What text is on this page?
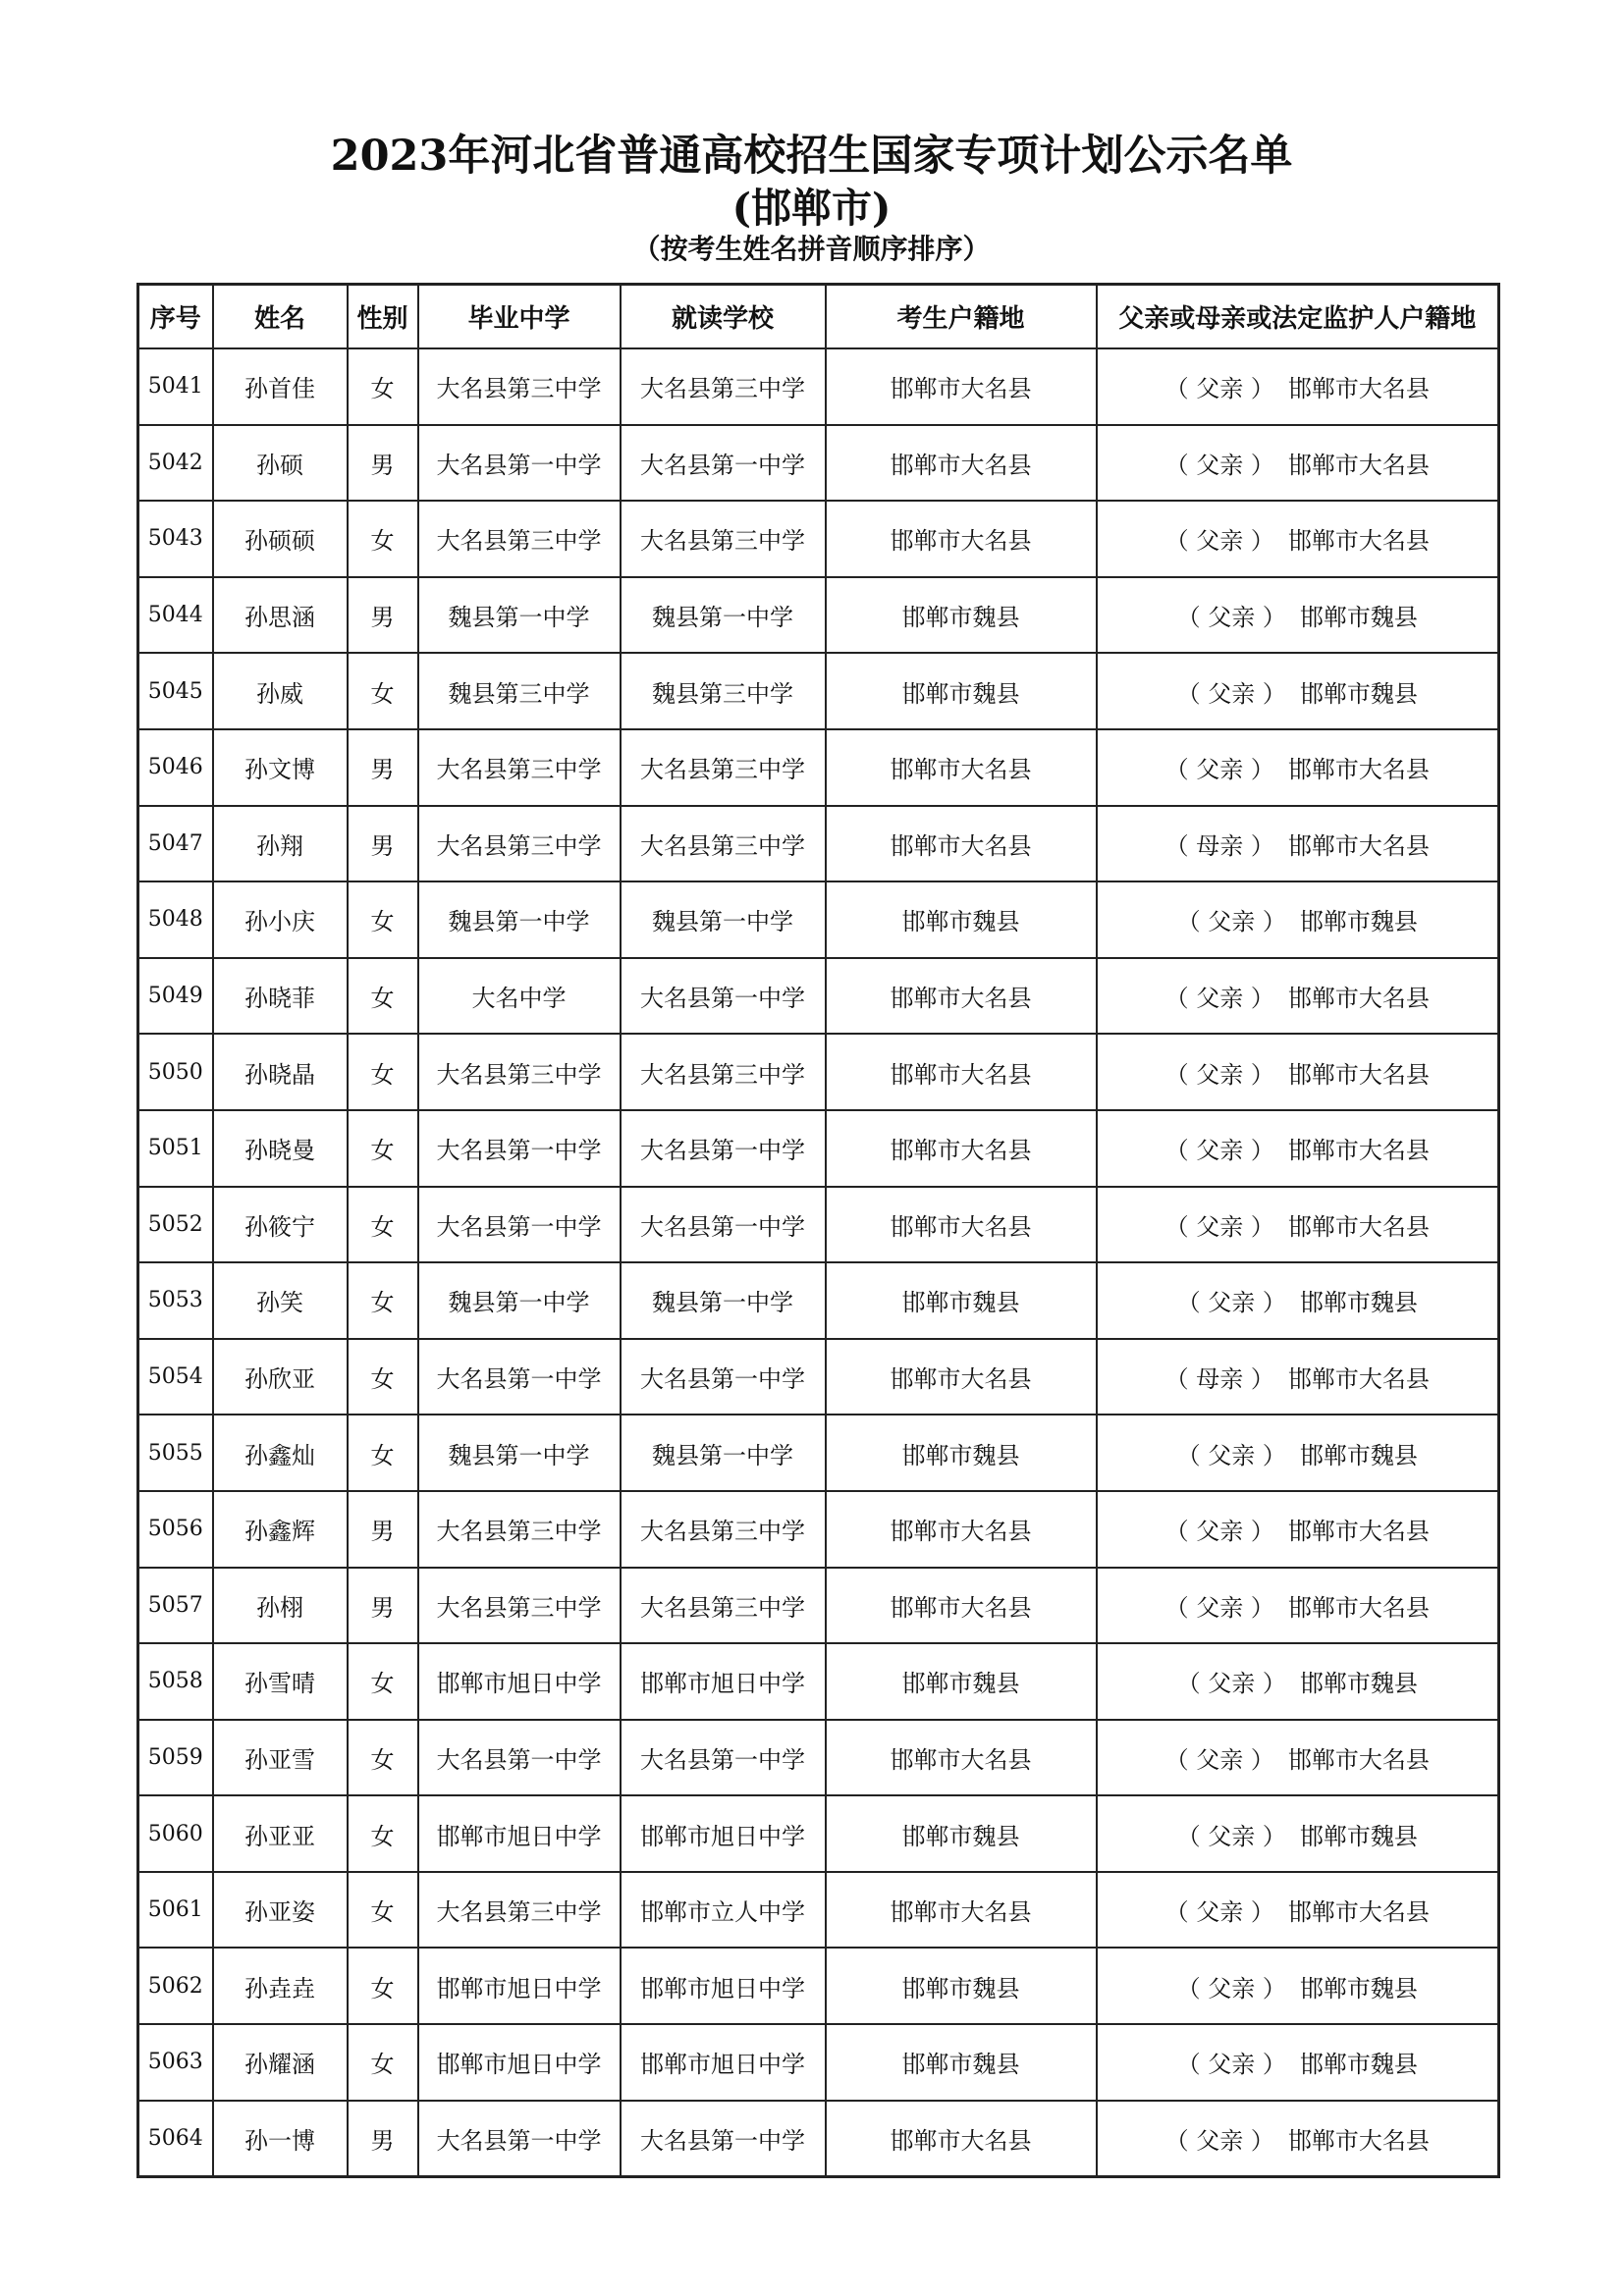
2023年河北省普通高校招生国家专项计划公示名单
(邯郸市)
（按考生姓名拼音顺序排序）
序号	姓名	性别	毕业中学	就读学校	考生户籍地	父亲或母亲或法定监护人户籍地
5041	孙首佳	女	大名县第三中学	大名县第三中学	邯郸市大名县	（ 父亲 ） 邯郸市大名县
5042	孙硕	男	大名县第一中学	大名县第一中学	邯郸市大名县	（ 父亲 ） 邯郸市大名县
5043	孙硕硕	女	大名县第三中学	大名县第三中学	邯郸市大名县	（ 父亲 ） 邯郸市大名县
5044	孙思涵	男	魏县第一中学	魏县第一中学	邯郸市魏县	（ 父亲 ） 邯郸市魏县
5045	孙威	女	魏县第三中学	魏县第三中学	邯郸市魏县	（ 父亲 ） 邯郸市魏县
5046	孙文博	男	大名县第三中学	大名县第三中学	邯郸市大名县	（ 父亲 ） 邯郸市大名县
5047	孙翔	男	大名县第三中学	大名县第三中学	邯郸市大名县	（ 母亲 ） 邯郸市大名县
5048	孙小庆	女	魏县第一中学	魏县第一中学	邯郸市魏县	（ 父亲 ） 邯郸市魏县
5049	孙晓菲	女	大名中学	大名县第一中学	邯郸市大名县	（ 父亲 ） 邯郸市大名县
5050	孙晓晶	女	大名县第三中学	大名县第三中学	邯郸市大名县	（ 父亲 ） 邯郸市大名县
5051	孙晓曼	女	大名县第一中学	大名县第一中学	邯郸市大名县	（ 父亲 ） 邯郸市大名县
5052	孙筱宁	女	大名县第一中学	大名县第一中学	邯郸市大名县	（ 父亲 ） 邯郸市大名县
5053	孙笑	女	魏县第一中学	魏县第一中学	邯郸市魏县	（ 父亲 ） 邯郸市魏县
5054	孙欣亚	女	大名县第一中学	大名县第一中学	邯郸市大名县	（ 母亲 ） 邯郸市大名县
5055	孙鑫灿	女	魏县第一中学	魏县第一中学	邯郸市魏县	（ 父亲 ） 邯郸市魏县
5056	孙鑫辉	男	大名县第三中学	大名县第三中学	邯郸市大名县	（ 父亲 ） 邯郸市大名县
5057	孙栩	男	大名县第三中学	大名县第三中学	邯郸市大名县	（ 父亲 ） 邯郸市大名县
5058	孙雪晴	女	邯郸市旭日中学	邯郸市旭日中学	邯郸市魏县	（ 父亲 ） 邯郸市魏县
5059	孙亚雪	女	大名县第一中学	大名县第一中学	邯郸市大名县	（ 父亲 ） 邯郸市大名县
5060	孙亚亚	女	邯郸市旭日中学	邯郸市旭日中学	邯郸市魏县	（ 父亲 ） 邯郸市魏县
5061	孙亚姿	女	大名县第三中学	邯郸市立人中学	邯郸市大名县	（ 父亲 ） 邯郸市大名县
5062	孙垚垚	女	邯郸市旭日中学	邯郸市旭日中学	邯郸市魏县	（ 父亲 ） 邯郸市魏县
5063	孙耀涵	女	邯郸市旭日中学	邯郸市旭日中学	邯郸市魏县	（ 父亲 ） 邯郸市魏县
5064	孙一博	男	大名县第一中学	大名县第一中学	邯郸市大名县	（ 父亲 ） 邯郸市大名县
